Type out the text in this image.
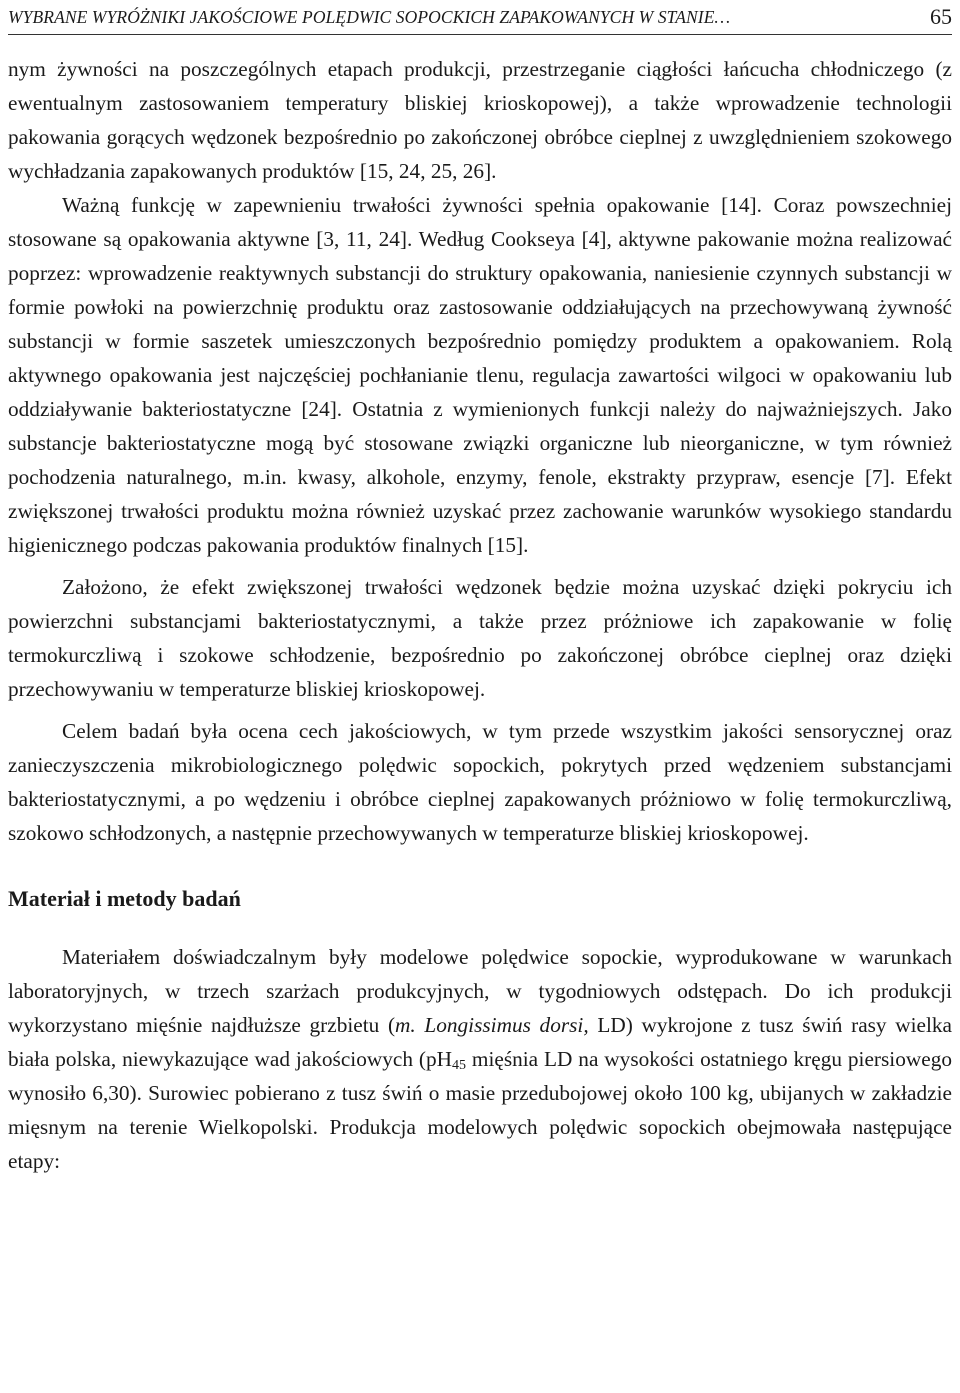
WYBRANE WYRÓŻNIKI JAKOŚCIOWE POLĘDWIC SOPOCKICH ZAPAKOWANYCH W STANIE…	65

nym żywności na poszczególnych etapach produkcji, przestrzeganie ciągłości łańcucha chłodniczego (z ewentualnym zastosowaniem temperatury bliskiej krioskopowej), a także wprowadzenie technologii pakowania gorących wędzonek bezpośrednio po zakończonej obróbce cieplnej z uwzględnieniem szokowego wychładzania zapakowanych produktów [15, 24, 25, 26].

Ważną funkcję w zapewnieniu trwałości żywności spełnia opakowanie [14]. Coraz powszechniej stosowane są opakowania aktywne [3, 11, 24]. Według Cookseya [4], aktywne pakowanie można realizować poprzez: wprowadzenie reaktywnych substancji do struktury opakowania, naniesienie czynnych substancji w formie powłoki na powierzchnię produktu oraz zastosowanie oddziałujących na przechowywaną żywność substancji w formie saszetek umieszczonych bezpośrednio pomiędzy produktem a opakowaniem. Rolą aktywnego opakowania jest najczęściej pochłanianie tlenu, regulacja zawartości wilgoci w opakowaniu lub oddziaływanie bakteriostatyczne [24]. Ostatnia z wymienionych funkcji należy do najważniejszych. Jako substancje bakteriostatyczne mogą być stosowane związki organiczne lub nieorganiczne, w tym również pochodzenia naturalnego, m.in. kwasy, alkohole, enzymy, fenole, ekstrakty przypraw, esencje [7]. Efekt zwiększonej trwałości produktu można również uzyskać przez zachowanie warunków wysokiego standardu higienicznego podczas pakowania produktów finalnych [15].

Założono, że efekt zwiększonej trwałości wędzonek będzie można uzyskać dzięki pokryciu ich powierzchni substancjami bakteriostatycznymi, a także przez próżniowe ich zapakowanie w folię termokurczliwą i szokowe schłodzenie, bezpośrednio po zakończonej obróbce cieplnej oraz dzięki przechowywaniu w temperaturze bliskiej krioskopowej.

Celem badań była ocena cech jakościowych, w tym przede wszystkim jakości sensorycznej oraz zanieczyszczenia mikrobiologicznego polędwic sopockich, pokrytych przed wędzeniem substancjami bakteriostatycznymi, a po wędzeniu i obróbce cieplnej zapakowanych próżniowo w folię termokurczliwą, szokowo schłodzonych, a następnie przechowywanych w temperaturze bliskiej krioskopowej.

Materiał i metody badań

Materiałem doświadczalnym były modelowe polędwice sopockie, wyprodukowane w warunkach laboratoryjnych, w trzech szarżach produkcyjnych, w tygodniowych odstępach. Do ich produkcji wykorzystano mięśnie najdłuższe grzbietu (m. Longissimus dorsi, LD) wykrojone z tusz świń rasy wielka biała polska, niewykazujące wad jakościowych ($pH_{45}$ mięśnia LD na wysokości ostatniego kręgu piersiowego wynosiło 6,30). Surowiec pobierano z tusz świń o masie przedubojowej około 100 kg, ubijanych w zakładzie mięsnym na terenie Wielkopolski. Produkcja modelowych polędwic sopockich obejmowała następujące etapy:
